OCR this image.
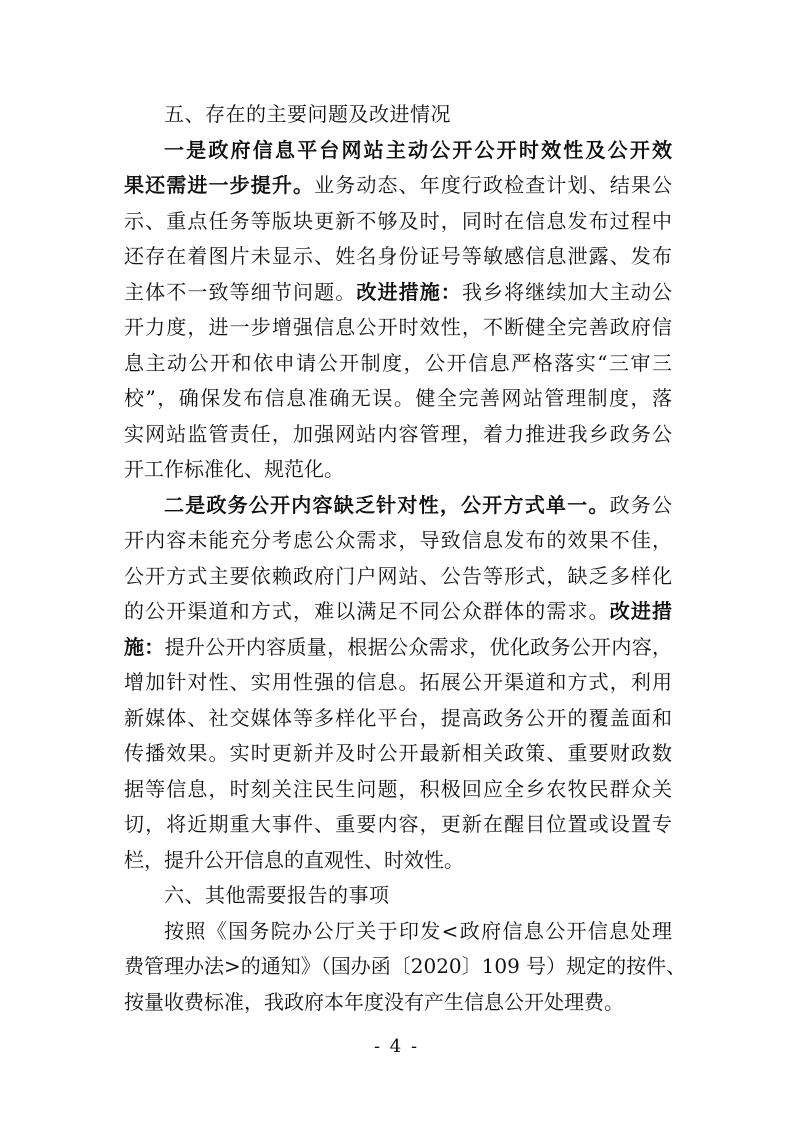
五、存在的主要问题及改进情况
一是政府信息平台网站主动公开公开时效性及公开效
果还需进一步提升。业务动态、年度行政检查计划、结果公
示、重点任务等版块更新不够及时，同时在信息发布过程中
还存在着图片未显示、姓名身份证号等敏感信息泄露、发布
主体不一致等细节问题。改进措施：我乡将继续加大主动公
开力度，进一步增强信息公开时效性，不断健全完善政府信
息主动公开和依申请公开制度，公开信息严格落实“三审三
校”，确保发布信息准确无误。健全完善网站管理制度，落
实网站监管责任，加强网站内容管理，着力推进我乡政务公
开工作标准化、规范化。
二是政务公开内容缺乏针对性，公开方式单一。政务公
开内容未能充分考虑公众需求，导致信息发布的效果不佳，
公开方式主要依赖政府门户网站、公告等形式，缺乏多样化
的公开渠道和方式，难以满足不同公众群体的需求。改进措
施：提升公开内容质量，根据公众需求，优化政务公开内容，
增加针对性、实用性强的信息。拓展公开渠道和方式，利用
新媒体、社交媒体等多样化平台，提高政务公开的覆盖面和
传播效果。实时更新并及时公开最新相关政策、重要财政数
据等信息，时刻关注民生问题，积极回应全乡农牧民群众关
切，将近期重大事件、重要内容，更新在醒目位置或设置专
栏，提升公开信息的直观性、时效性。
六、其他需要报告的事项
按照《国务院办公厅关于印发<政府信息公开信息处理
费管理办法>的通知》（国办函〔2020〕109 号）规定的按件、
按量收费标准，我政府本年度没有产生信息公开处理费。
- 4 -
